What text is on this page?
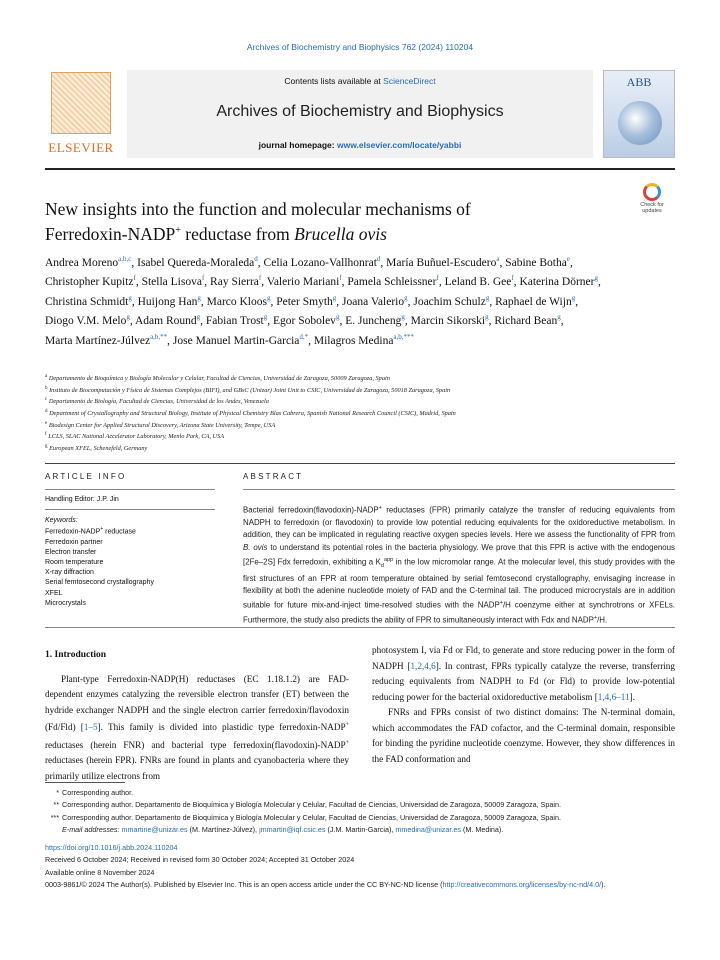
Archives of Biochemistry and Biophysics 762 (2024) 110204
ELSEVIER
Contents lists available at ScienceDirect
Archives of Biochemistry and Biophysics
journal homepage: www.elsevier.com/locate/yabbi
ABB
Check for
updates
New insights into the function and molecular mechanisms of
Ferredoxin-NADP+ reductase from Brucella ovis
Andrea Moreno$^{a,b,c}$, Isabel Quereda-Moraleda$^d$, Celia Lozano-Vallhonrat$^d$, María Buñuel-Escudero$^a$, Sabine Botha$^e$, Christopher Kupitz$^f$, Stella Lisova$^f$, Ray Sierra$^f$, Valerio Mariani$^f$, Pamela Schleissner$^f$, Leland B. Gee$^f$, Katerina Dörner$^g$, Christina Schmidt$^g$, Huijong Han$^g$, Marco Kloos$^g$, Peter Smyth$^g$, Joana Valerio$^g$, Joachim Schulz$^g$, Raphael de Wijn$^g$, Diogo V.M. Melo$^g$, Adam Round$^g$, Fabian Trost$^g$, Egor Sobolev$^g$, E. Juncheng$^g$, Marcin Sikorski$^g$, Richard Bean$^g$, Marta Martínez-Júlvez$^{a,b,**}$, Jose Manuel Martin-Garcia$^{d,*}$, Milagros Medina$^{a,b,***}$
$^a$ Departamento de Bioquímica y Biología Molecular y Celular, Facultad de Ciencias, Universidad de Zaragoza, 50009 Zaragoza, Spain
$^b$ Instituto de Biocomputación y Física de Sistemas Complejos (BIFI), and GBsC (Unizar) Joint Unit to CSIC, Universidad de Zaragoza, 50018 Zaragoza, Spain
$^c$ Departamento de Biología, Facultad de Ciencias, Universidad de los Andes, Venezuela
$^d$ Department of Crystallography and Structural Biology, Institute of Physical Chemistry Blas Cabrera, Spanish National Research Council (CSIC), Madrid, Spain
$^e$ Biodesign Center for Applied Structural Discovery, Arizona State University, Tempe, USA
$^f$ LCLS, SLAC National Accelerator Laboratory, Menlo Park, CA, USA
$^g$ European XFEL, Schenefeld, Germany
ARTICLE INFO
Handling Editor: J.P. Jin
Keywords:
Ferredoxin-NADP+ reductase
Ferredoxin partner
Electron transfer
Room temperature
X-ray diffraction
Serial femtosecond crystallography
XFEL
Microcrystals
ABSTRACT
Bacterial ferredoxin(flavodoxin)-NADP+ reductases (FPR) primarily catalyze the transfer of reducing equivalents from NADPH to ferredoxin (or flavodoxin) to provide low potential reducing equivalents for the oxidoreductive metabolism. In addition, they can be implicated in regulating reactive oxygen species levels. Here we assess the functionality of FPR from B. ovis to understand its potential roles in the bacteria physiology. We prove that this FPR is active with the endogenous [2Fe–2S] Fdx ferredoxin, exhibiting a $K_d^{app}$ in the low micromolar range. At the molecular level, this study provides with the first structures of an FPR at room temperature obtained by serial femtosecond crystallography, envisaging increase in flexibility at both the adenine nucleotide moiety of FAD and the C-terminal tail. The produced microcrystals are in addition suitable for future mix-and-inject time-resolved studies with the NADP+/H coenzyme either at synchrotrons or XFELs. Furthermore, the study also predicts the ability of FPR to simultaneously interact with Fdx and NADP+/H.
1. Introduction
Plant-type Ferredoxin-NADP(H) reductases (EC 1.18.1.2) are FAD-dependent enzymes catalyzing the reversible electron transfer (ET) between the hydride exchanger NADPH and the single electron carrier ferredoxin/flavodoxin (Fd/Fld) [1–5]. This family is divided into plastidic type ferredoxin-NADP+ reductases (herein FNR) and bacterial type ferredoxin(flavodoxin)-NADP+ reductases (herein FPR). FNRs are found in plants and cyanobacteria where they primarily utilize electrons from
photosystem I, via Fd or Fld, to generate and store reducing power in the form of NADPH [1,2,4,6]. In contrast, FPRs typically catalyze the reverse, transferring reducing equivalents from NADPH to Fd (or Fld) to provide low-potential reducing power for the bacterial oxidoreductive metabolism [1,4,6–11].
FNRs and FPRs consist of two distinct domains: The N-terminal domain, which accommodates the FAD cofactor, and the C-terminal domain, responsible for binding the pyridine nucleotide coenzyme. However, they show differences in the FAD conformation and
* Corresponding author.
** Corresponding author. Departamento de Bioquímica y Biología Molecular y Celular, Facultad de Ciencias, Universidad de Zaragoza, 50009 Zaragoza, Spain.
*** Corresponding author. Departamento de Bioquímica y Biología Molecular y Celular, Facultad de Ciencias, Universidad de Zaragoza, 50009 Zaragoza, Spain.
E-mail addresses: mmartine@unizar.es (M. Martínez-Júlvez), jmmartin@iqf.csic.es (J.M. Martin-Garcia), mmedina@unizar.es (M. Medina).
https://doi.org/10.1016/j.abb.2024.110204
Received 6 October 2024; Received in revised form 30 October 2024; Accepted 31 October 2024
Available online 8 November 2024
0003-9861/© 2024 The Author(s). Published by Elsevier Inc. This is an open access article under the CC BY-NC-ND license (http://creativecommons.org/licenses/by-nc-nd/4.0/).
